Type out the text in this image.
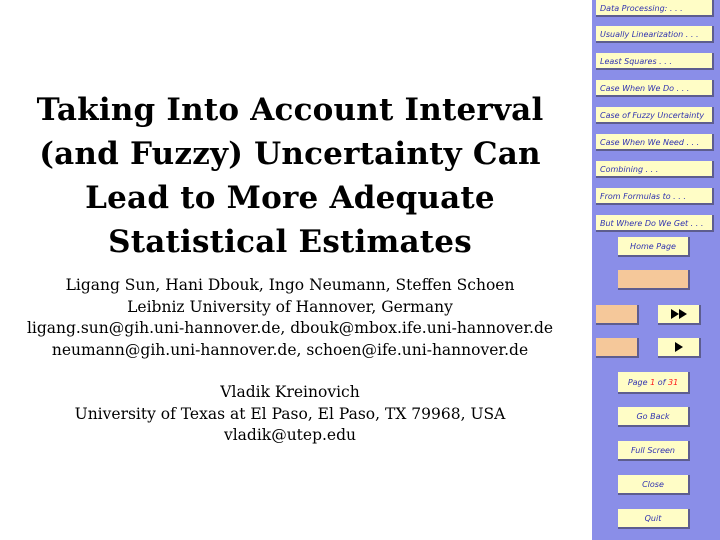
Taking Into Account Interval
(and Fuzzy) Uncertainty Can
Lead to More Adequate
Statistical Estimates
Ligang Sun, Hani Dbouk, Ingo Neumann, Steffen Schoen
Leibniz University of Hannover, Germany
ligang.sun@gih.uni-hannover.de, dbouk@mbox.ife.uni-hannover.de
neumann@gih.uni-hannover.de, schoen@ife.uni-hannover.de
Vladik Kreinovich
University of Texas at El Paso, El Paso, TX 79968, USA
vladik@utep.edu
Data Processing: . . .
Usually Linearization . . .
Least Squares . . .
Case When We Do . . .
Case of Fuzzy Uncertainty
Case When We Need . . .
Combining . . .
From Formulas to . . .
But Where Do We Get . . .
Home Page
Title Page
Page 1 of 31
Go Back
Full Screen
Close
Quit
